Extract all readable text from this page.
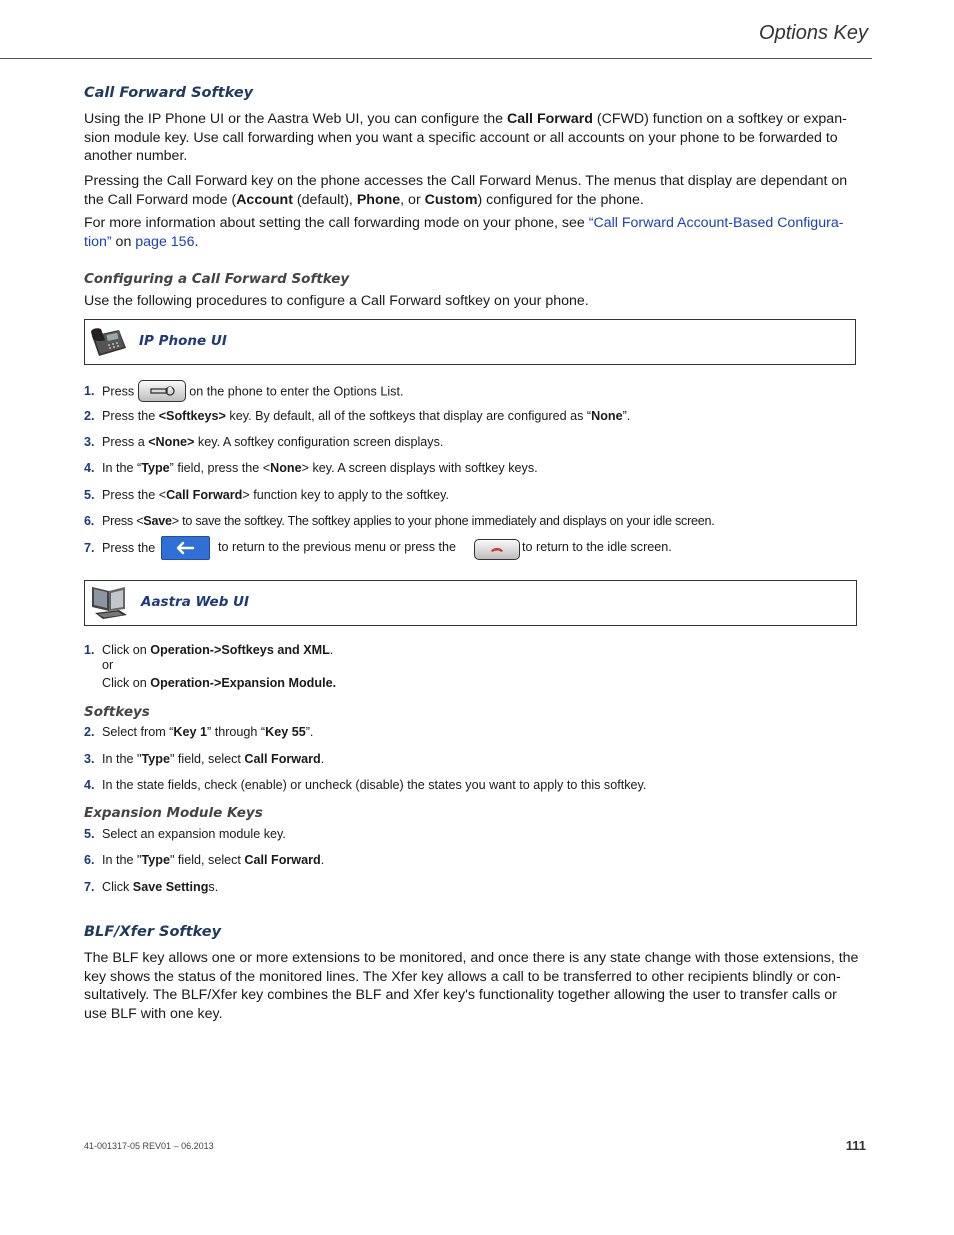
Options Key
Call Forward Softkey
Using the IP Phone UI or the Aastra Web UI, you can configure the Call Forward (CFWD) function on a softkey or expan-
sion module key. Use call forwarding when you want a specific account or all accounts on your phone to be forwarded to
another number.
Pressing the Call Forward key on the phone accesses the Call Forward Menus. The menus that display are dependant on
the Call Forward mode (Account (default), Phone, or Custom) configured for the phone.
For more information about setting the call forwarding mode on your phone, see “Call Forward Account-Based Configura-
tion” on page 156.
Configuring a Call Forward Softkey
Use the following procedures to configure a Call Forward softkey on your phone.
IP Phone UI
1. Press	on the phone to enter the Options List.
2. Press the <Softkeys> key. By default, all of the softkeys that display are configured as “None”.
3. Press a <None> key. A softkey configuration screen displays.
4. In the “Type” field, press the <None> key. A screen displays with softkey keys.
5. Press the <Call Forward> function key to apply to the softkey.
6. Press <Save> to save the softkey. The softkey applies to your phone immediately and displays on your idle screen.
7. Press the	to return to the previous menu or press the	to return to the idle screen.
Aastra Web UI
1. Click on Operation->Softkeys and XML.
or
Click on Operation->Expansion Module.
Softkeys
2. Select from “Key 1” through “Key 55”.
3. In the "Type" field, select Call Forward.
4. In the state fields, check (enable) or uncheck (disable) the states you want to apply to this softkey.
Expansion Module Keys
5. Select an expansion module key.
6. In the "Type" field, select Call Forward.
7. Click Save Settings.
BLF/Xfer Softkey
The BLF key allows one or more extensions to be monitored, and once there is any state change with those extensions, the
key shows the status of the monitored lines. The Xfer key allows a call to be transferred to other recipients blindly or con-
sultatively. The BLF/Xfer key combines the BLF and Xfer key's functionality together allowing the user to transfer calls or
use BLF with one key.
41-001317-05 REV01 – 06.2013	111
